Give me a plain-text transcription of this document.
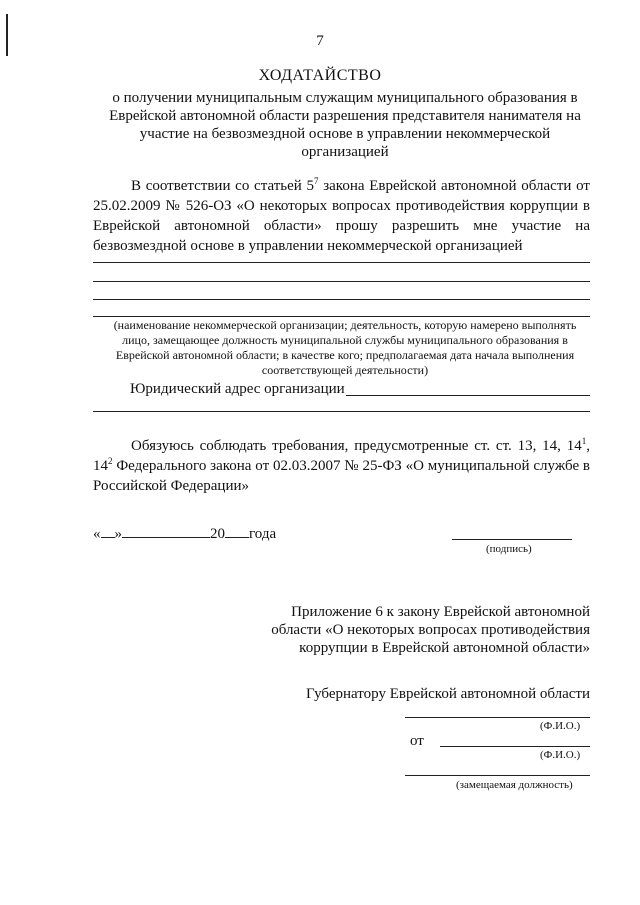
7
ХОДАТАЙСТВО
о получении муниципальным служащим муниципального образования в Еврейской автономной области разрешения представителя нанимателя на участие на безвозмездной основе в управлении некоммерческой организацией
В соответствии со статьей $5^7$ закона Еврейской автономной области от 25.02.2009 № 526-ОЗ «О некоторых вопросах противодействия коррупции в Еврейской автономной области» прошу разрешить мне участие на безвозмездной основе в управлении некоммерческой организацией
(наименование некоммерческой организации; деятельность, которую намерено выполнять лицо, замещающее должность муниципальной службы муниципального образования в Еврейской автономной области; в качестве кого; предполагаемая дата начала выполнения соответствующей деятельности)
Юридический адрес организации
Обязуюсь соблюдать требования, предусмотренные ст. ст. 13, 14, $14^1$, $14^2$ Федерального закона от 02.03.2007 № 25-ФЗ «О муниципальной службе в Российской Федерации»
« »	20 года
(подпись)
Приложение 6 к закону Еврейской автономной области «О некоторых вопросах противодействия коррупции в Еврейской автономной области»
Губернатору Еврейской автономной области
(Ф.И.О.)
от
(Ф.И.О.)
(замещаемая должность)
